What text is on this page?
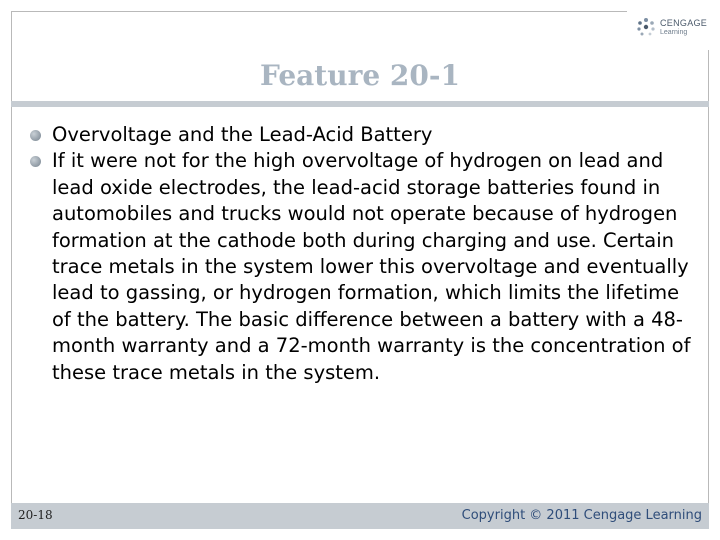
CENGAGE
Learning
Feature 20-1
Overvoltage and the Lead-Acid Battery
If it were not for the high overvoltage of hydrogen on lead and lead oxide electrodes, the lead-acid storage batteries found in automobiles and trucks would not operate because of hydrogen formation at the cathode both during charging and use. Certain trace metals in the system lower this overvoltage and eventually lead to gassing, or hydrogen formation, which limits the lifetime of the battery. The basic difference between a battery with a 48-month warranty and a 72-month warranty is the concentration of these trace metals in the system.
20-18	Copyright © 2011 Cengage Learning
